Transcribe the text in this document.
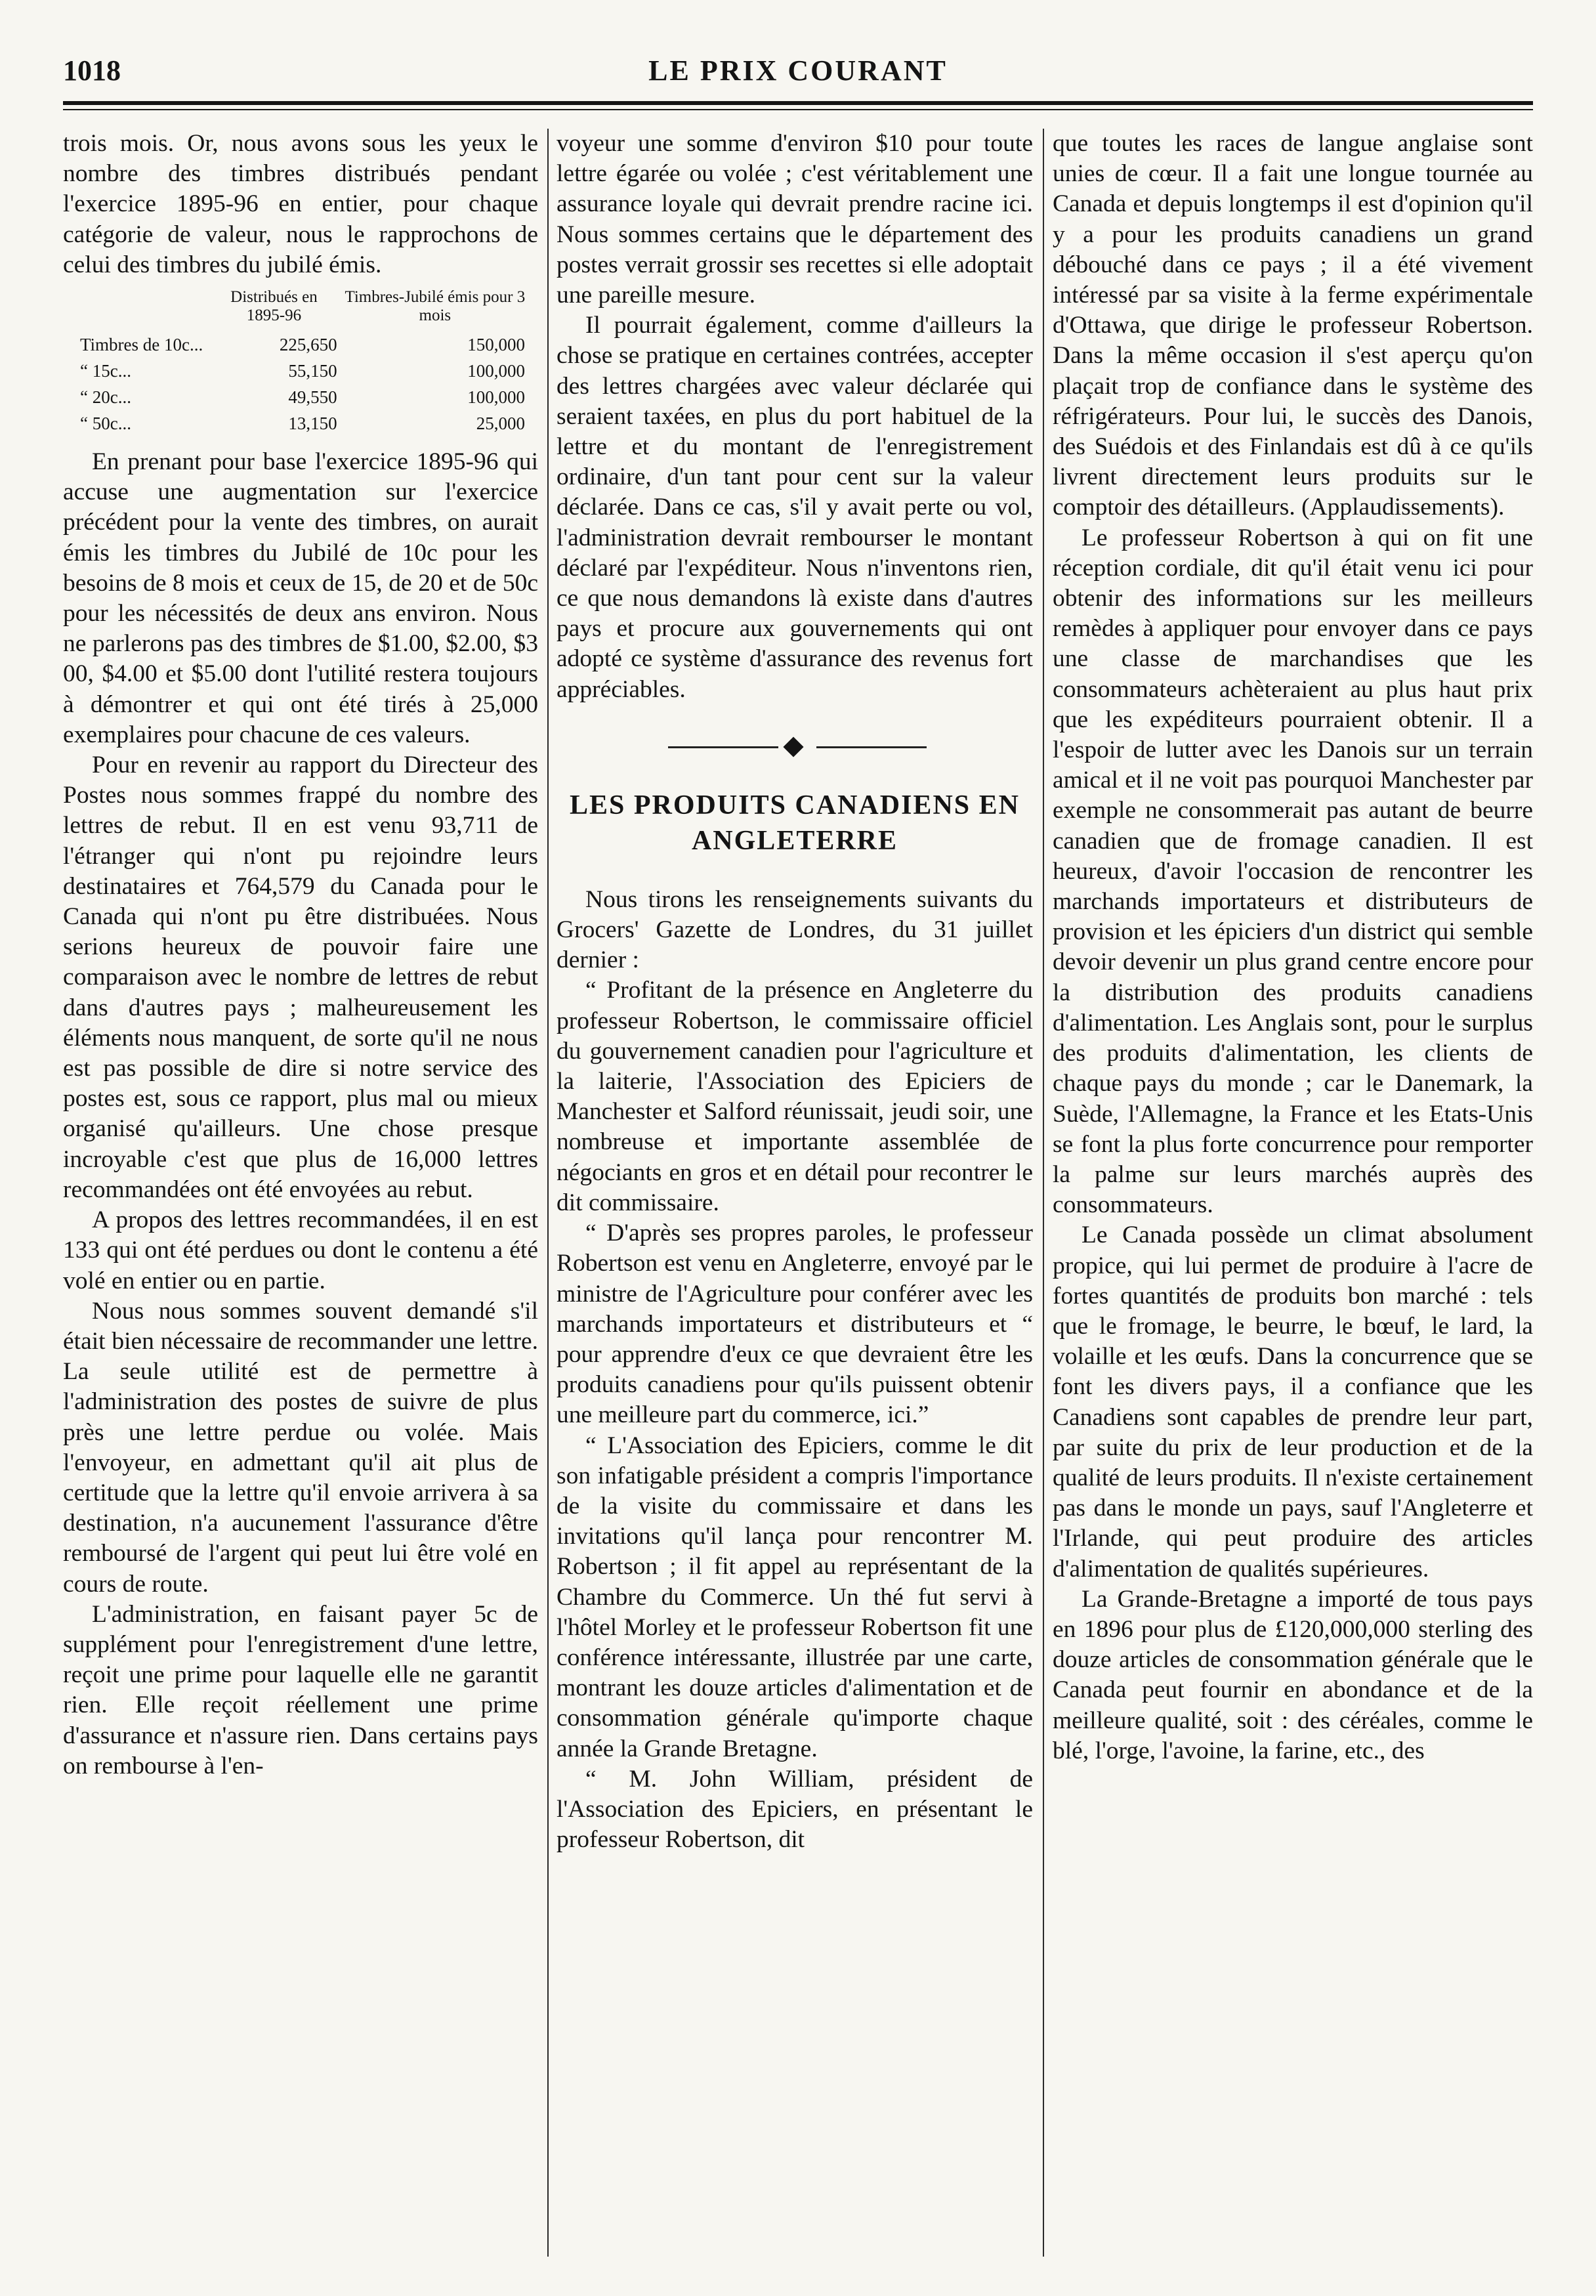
1018	LE PRIX COURANT

trois mois. Or, nous avons sous les yeux le nombre des timbres distribués pendant l'exercice 1895-96 en entier, pour chaque catégorie de valeur, nous le rapprochons de celui des timbres du jubilé émis.

	Distribués en 1895-96	Timbres-Jubilé émis pour 3 mois
Timbres de 10c...	225,650	150,000
“ 15c...	55,150	100,000
“ 20c...	49,550	100,000
“ 50c...	13,150	25,000

En prenant pour base l'exercice 1895-96 qui accuse une augmentation sur l'exercice précédent pour la vente des timbres, on aurait émis les timbres du Jubilé de 10c pour les besoins de 8 mois et ceux de 15, de 20 et de 50c pour les nécessités de deux ans environ. Nous ne parlerons pas des timbres de $1.00, $2.00, $3 00, $4.00 et $5.00 dont l'utilité restera toujours à démontrer et qui ont été tirés à 25,000 exemplaires pour chacune de ces valeurs.

Pour en revenir au rapport du Directeur des Postes nous sommes frappé du nombre des lettres de rebut. Il en est venu 93,711 de l'étranger qui n'ont pu rejoindre leurs destinataires et 764,579 du Canada pour le Canada qui n'ont pu être distribuées. Nous serions heureux de pouvoir faire une comparaison avec le nombre de lettres de rebut dans d'autres pays ; malheureusement les éléments nous manquent, de sorte qu'il ne nous est pas possible de dire si notre service des postes est, sous ce rapport, plus mal ou mieux organisé qu'ailleurs. Une chose presque incroyable c'est que plus de 16,000 lettres recommandées ont été envoyées au rebut.

A propos des lettres recommandées, il en est 133 qui ont été perdues ou dont le contenu a été volé en entier ou en partie.

Nous nous sommes souvent demandé s'il était bien nécessaire de recommander une lettre. La seule utilité est de permettre à l'administration des postes de suivre de plus près une lettre perdue ou volée. Mais l'envoyeur, en admettant qu'il ait plus de certitude que la lettre qu'il envoie arrivera à sa destination, n'a aucunement l'assurance d'être remboursé de l'argent qui peut lui être volé en cours de route.

L'administration, en faisant payer 5c de supplément pour l'enregistrement d'une lettre, reçoit une prime pour laquelle elle ne garantit rien. Elle reçoit réellement une prime d'assurance et n'assure rien. Dans certains pays on rembourse à l'en-

voyeur une somme d'environ $10 pour toute lettre égarée ou volée ; c'est véritablement une assurance loyale qui devrait prendre racine ici. Nous sommes certains que le département des postes verrait grossir ses recettes si elle adoptait une pareille mesure.

Il pourrait également, comme d'ailleurs la chose se pratique en certaines contrées, accepter des lettres chargées avec valeur déclarée qui seraient taxées, en plus du port habituel de la lettre et du montant de l'enregistrement ordinaire, d'un tant pour cent sur la valeur déclarée. Dans ce cas, s'il y avait perte ou vol, l'administration devrait rembourser le montant déclaré par l'expéditeur. Nous n'inventons rien, ce que nous demandons là existe dans d'autres pays et procure aux gouvernements qui ont adopté ce système d'assurance des revenus fort appréciables.

LES PRODUITS CANADIENS EN ANGLETERRE

Nous tirons les renseignements suivants du Grocers' Gazette de Londres, du 31 juillet dernier :

“ Profitant de la présence en Angleterre du professeur Robertson, le commissaire officiel du gouvernement canadien pour l'agriculture et la laiterie, l'Association des Epiciers de Manchester et Salford réunissait, jeudi soir, une nombreuse et importante assemblée de négociants en gros et en détail pour recontrer le dit commissaire.

“ D'après ses propres paroles, le professeur Robertson est venu en Angleterre, envoyé par le ministre de l'Agriculture pour conférer avec les marchands importateurs et distributeurs et “ pour apprendre d'eux ce que devraient être les produits canadiens pour qu'ils puissent obtenir une meilleure part du commerce, ici.”

“ L'Association des Epiciers, comme le dit son infatigable président a compris l'importance de la visite du commissaire et dans les invitations qu'il lança pour rencontrer M. Robertson ; il fit appel au représentant de la Chambre du Commerce. Un thé fut servi à l'hôtel Morley et le professeur Robertson fit une conférence intéressante, illustrée par une carte, montrant les douze articles d'alimentation et de consommation générale qu'importe chaque année la Grande Bretagne.

“ M. John William, président de l'Association des Epiciers, en présentant le professeur Robertson, dit

que toutes les races de langue anglaise sont unies de cœur. Il a fait une longue tournée au Canada et depuis longtemps il est d'opinion qu'il y a pour les produits canadiens un grand débouché dans ce pays ; il a été vivement intéressé par sa visite à la ferme expérimentale d'Ottawa, que dirige le professeur Robertson. Dans la même occasion il s'est aperçu qu'on plaçait trop de confiance dans le système des réfrigérateurs. Pour lui, le succès des Danois, des Suédois et des Finlandais est dû à ce qu'ils livrent directement leurs produits sur le comptoir des détailleurs. (Applaudissements).

Le professeur Robertson à qui on fit une réception cordiale, dit qu'il était venu ici pour obtenir des informations sur les meilleurs remèdes à appliquer pour envoyer dans ce pays une classe de marchandises que les consommateurs achèteraient au plus haut prix que les expéditeurs pourraient obtenir. Il a l'espoir de lutter avec les Danois sur un terrain amical et il ne voit pas pourquoi Manchester par exemple ne consommerait pas autant de beurre canadien que de fromage canadien. Il est heureux, d'avoir l'occasion de rencontrer les marchands importateurs et distributeurs de provision et les épiciers d'un district qui semble devoir devenir un plus grand centre encore pour la distribution des produits canadiens d'alimentation. Les Anglais sont, pour le surplus des produits d'alimentation, les clients de chaque pays du monde ; car le Danemark, la Suède, l'Allemagne, la France et les Etats-Unis se font la plus forte concurrence pour remporter la palme sur leurs marchés auprès des consommateurs.

Le Canada possède un climat absolument propice, qui lui permet de produire à l'acre de fortes quantités de produits bon marché : tels que le fromage, le beurre, le bœuf, le lard, la volaille et les œufs. Dans la concurrence que se font les divers pays, il a confiance que les Canadiens sont capables de prendre leur part, par suite du prix de leur production et de la qualité de leurs produits. Il n'existe certainement pas dans le monde un pays, sauf l'Angleterre et l'Irlande, qui peut produire des articles d'alimentation de qualités supérieures.

La Grande-Bretagne a importé de tous pays en 1896 pour plus de £120,000,000 sterling des douze articles de consommation générale que le Canada peut fournir en abondance et de la meilleure qualité, soit : des céréales, comme le blé, l'orge, l'avoine, la farine, etc., des
